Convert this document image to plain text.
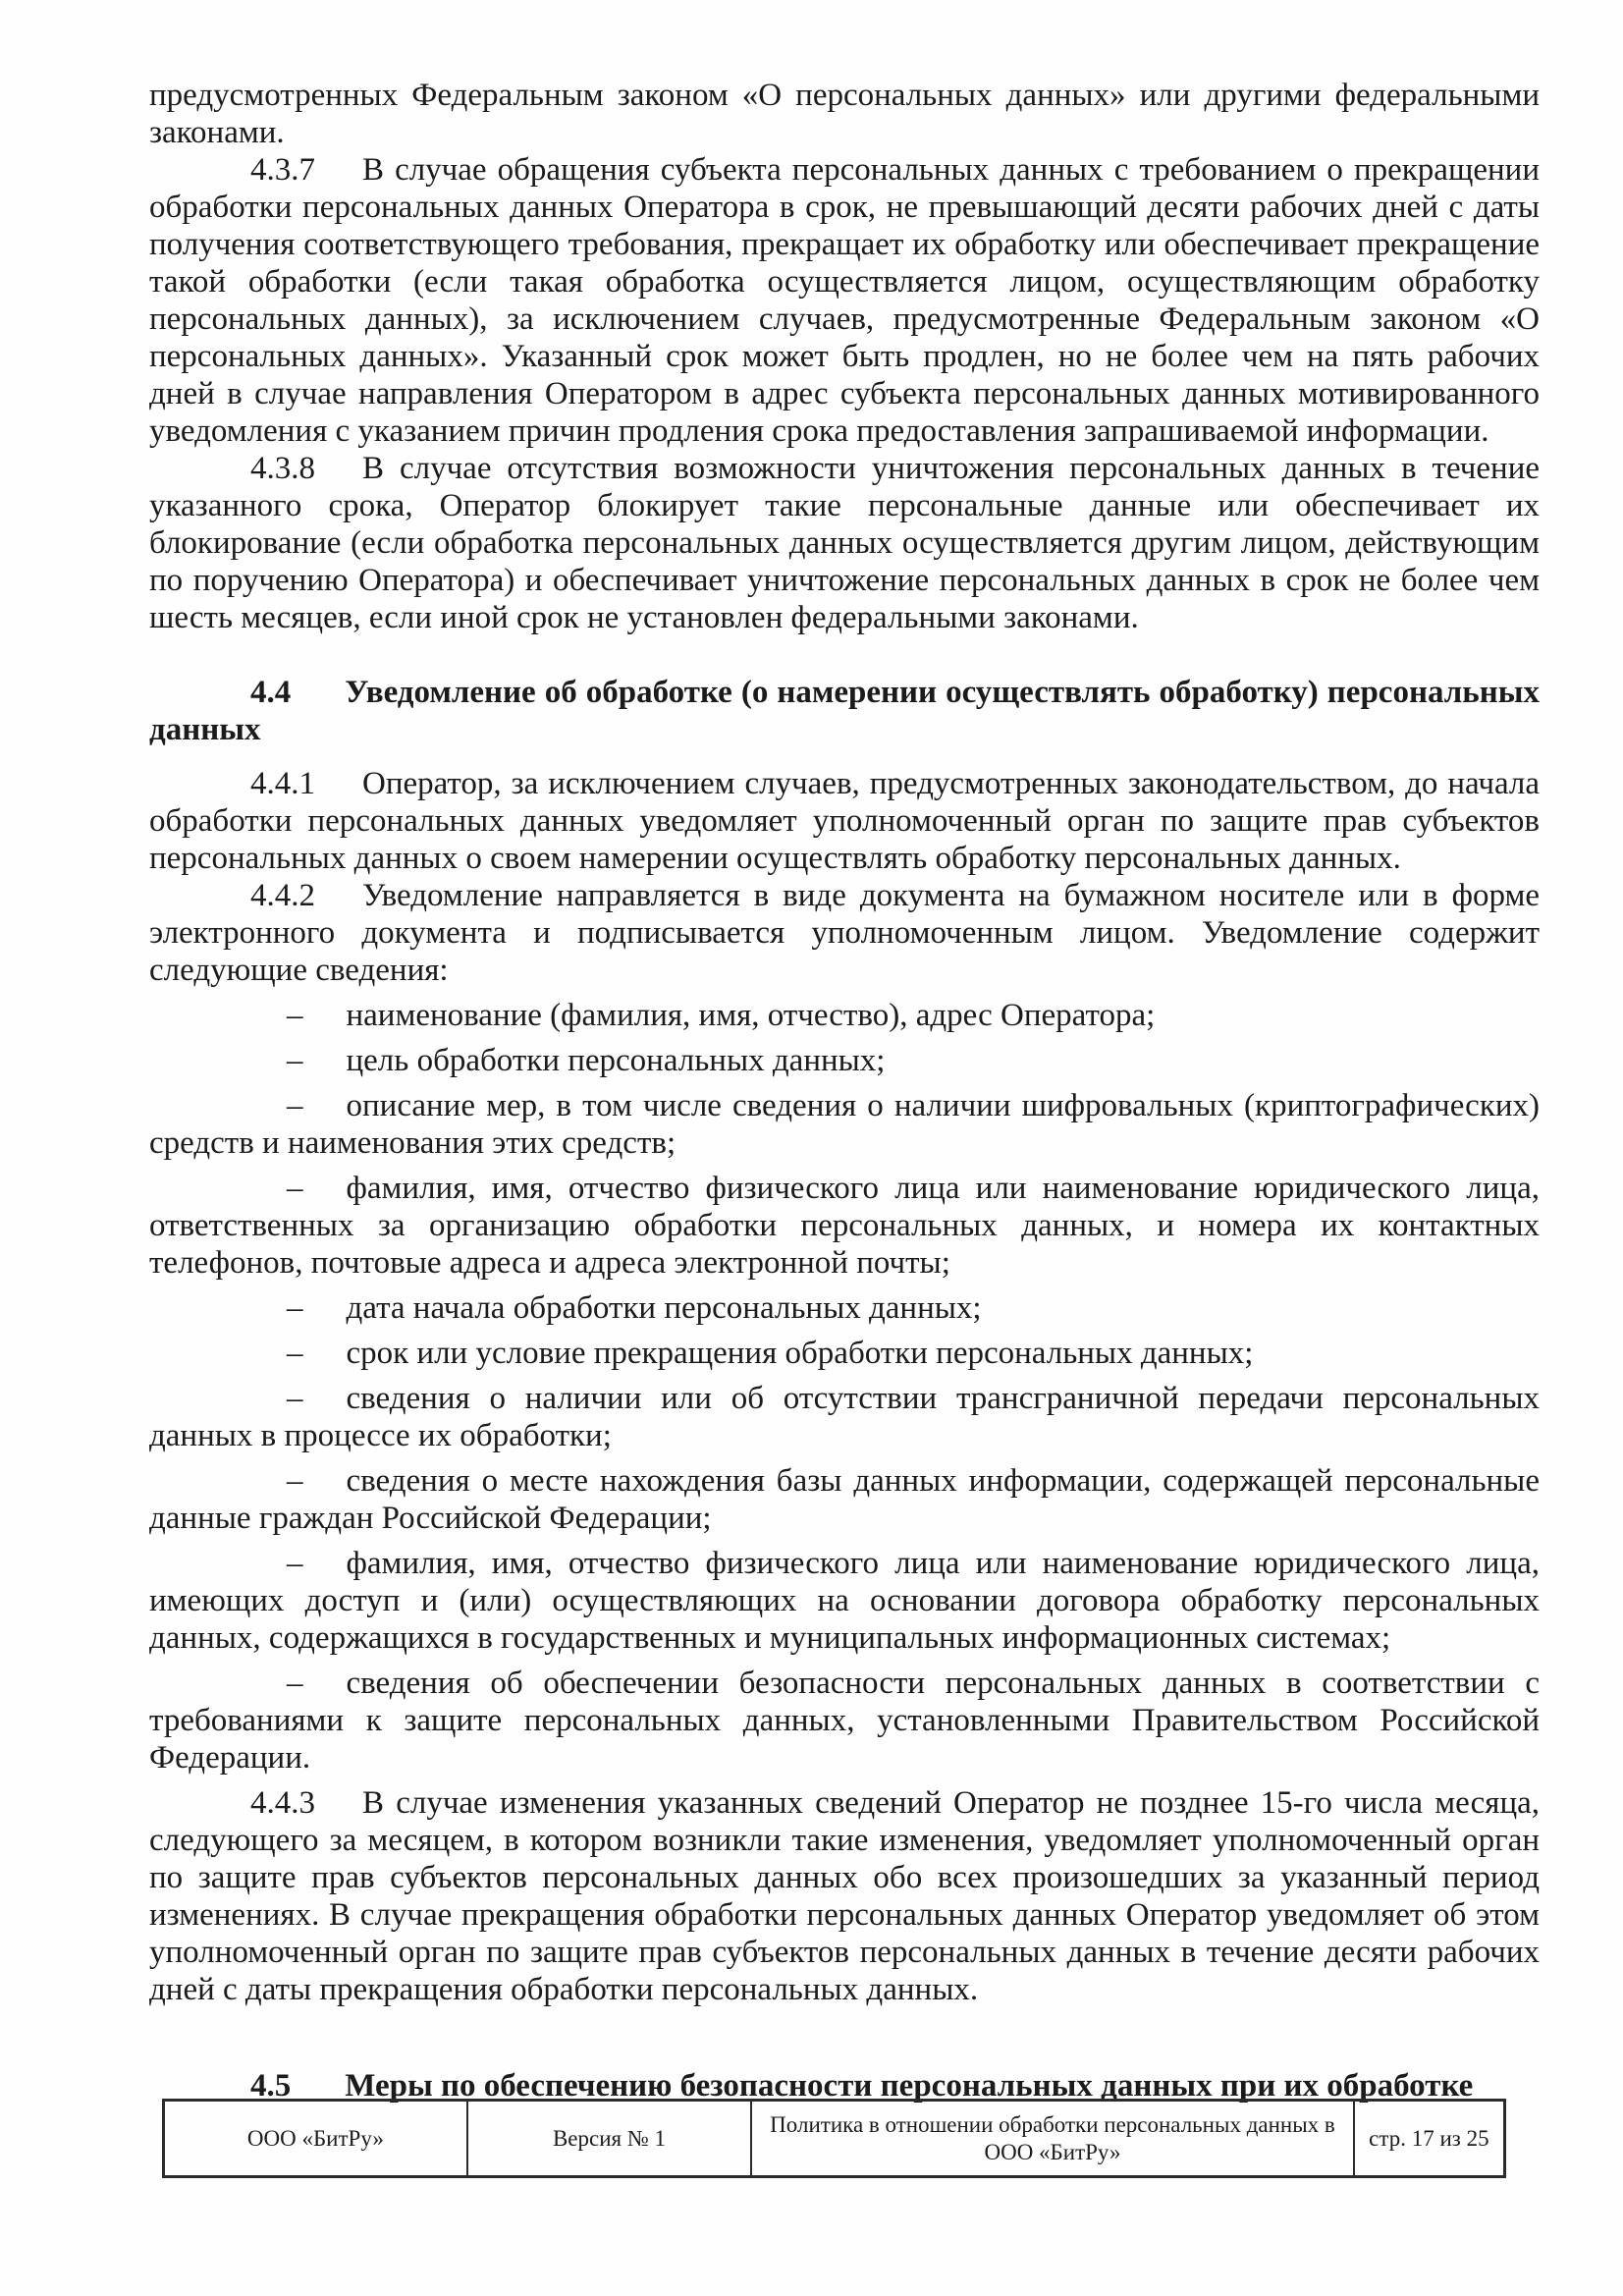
предусмотренных Федеральным законом «О персональных данных» или другими федеральными законами.

4.3.7 В случае обращения субъекта персональных данных с требованием о прекращении обработки персональных данных Оператора в срок, не превышающий десяти рабочих дней с даты получения соответствующего требования, прекращает их обработку или обеспечивает прекращение такой обработки (если такая обработка осуществляется лицом, осуществляющим обработку персональных данных), за исключением случаев, предусмотренные Федеральным законом «О персональных данных». Указанный срок может быть продлен, но не более чем на пять рабочих дней в случае направления Оператором в адрес субъекта персональных данных мотивированного уведомления с указанием причин продления срока предоставления запрашиваемой информации.

4.3.8 В случае отсутствия возможности уничтожения персональных данных в течение указанного срока, Оператор блокирует такие персональные данные или обеспечивает их блокирование (если обработка персональных данных осуществляется другим лицом, действующим по поручению Оператора) и обеспечивает уничтожение персональных данных в срок не более чем шесть месяцев, если иной срок не установлен федеральными законами.

4.4 Уведомление об обработке (о намерении осуществлять обработку) персональных данных

4.4.1 Оператор, за исключением случаев, предусмотренных законодательством, до начала обработки персональных данных уведомляет уполномоченный орган по защите прав субъектов персональных данных о своем намерении осуществлять обработку персональных данных.

4.4.2 Уведомление направляется в виде документа на бумажном носителе или в форме электронного документа и подписывается уполномоченным лицом. Уведомление содержит следующие сведения:

– наименование (фамилия, имя, отчество), адрес Оператора;

– цель обработки персональных данных;

– описание мер, в том числе сведения о наличии шифровальных (криптографических) средств и наименования этих средств;

– фамилия, имя, отчество физического лица или наименование юридического лица, ответственных за организацию обработки персональных данных, и номера их контактных телефонов, почтовые адреса и адреса электронной почты;

– дата начала обработки персональных данных;

– срок или условие прекращения обработки персональных данных;

– сведения о наличии или об отсутствии трансграничной передачи персональных данных в процессе их обработки;

– сведения о месте нахождения базы данных информации, содержащей персональные данные граждан Российской Федерации;

– фамилия, имя, отчество физического лица или наименование юридического лица, имеющих доступ и (или) осуществляющих на основании договора обработку персональных данных, содержащихся в государственных и муниципальных информационных системах;

– сведения об обеспечении безопасности персональных данных в соответствии с требованиями к защите персональных данных, установленными Правительством Российской Федерации.

4.4.3 В случае изменения указанных сведений Оператор не позднее 15-го числа месяца, следующего за месяцем, в котором возникли такие изменения, уведомляет уполномоченный орган по защите прав субъектов персональных данных обо всех произошедших за указанный период изменениях. В случае прекращения обработки персональных данных Оператор уведомляет об этом уполномоченный орган по защите прав субъектов персональных данных в течение десяти рабочих дней с даты прекращения обработки персональных данных.

4.5 Меры по обеспечению безопасности персональных данных при их обработке
ООО «БитРу»	Версия № 1	Политика в отношении обработки персональных данных в ООО «БитРу»	стр. 17 из 25
